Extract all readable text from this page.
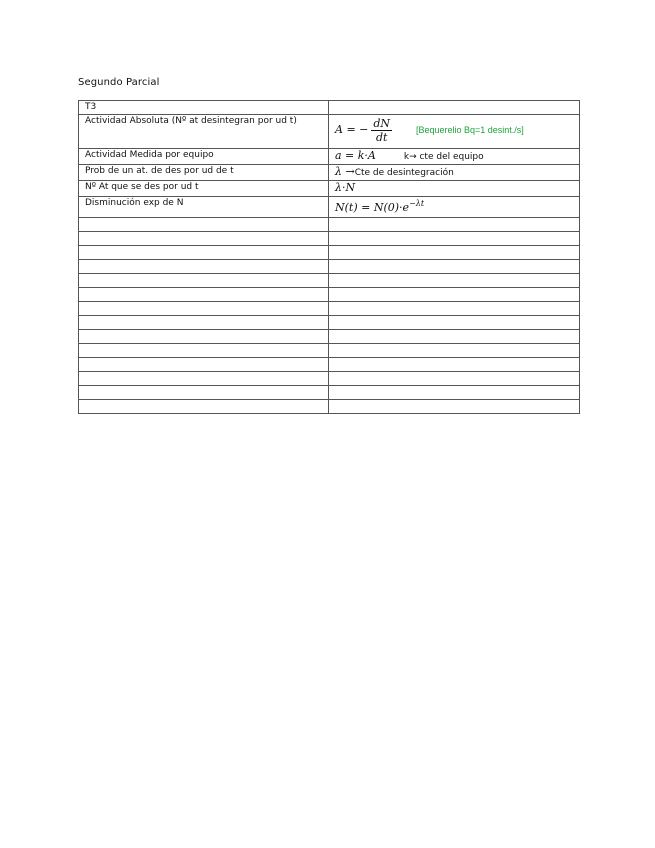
Segundo Parcial
T3	
Actividad Absoluta (Nº at desintegran por ud t)	A = − $\frac{dN}{dt}$ [Bequerelio Bq=1 desint./s]
Actividad Medida por equipo	a = k·A k→ cte del equipo
Prob de un at. de des por ud de t	λ →Cte de desintegración
Nº At que se des por ud t	λ·N
Disminución exp de N	$N(t) = N(0)\cdot e^{-\lambda t}$
